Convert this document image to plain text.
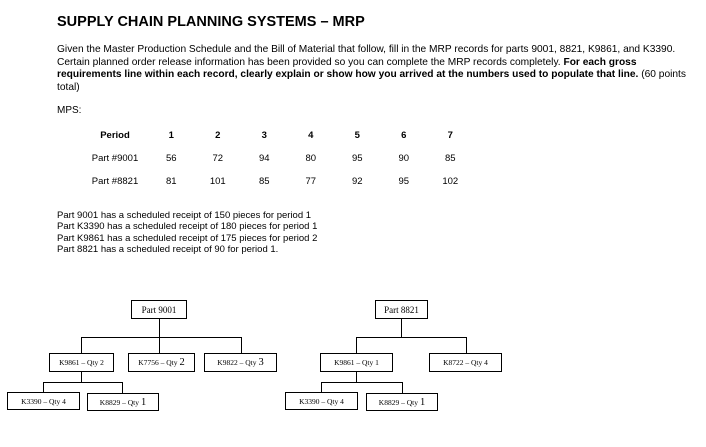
SUPPLY CHAIN PLANNING SYSTEMS – MRP
Given the Master Production Schedule and the Bill of Material that follow, fill in the MRP records for parts 9001, 8821, K9861, and K3390. Certain planned order release information has been provided so you can complete the MRP records completely. For each gross requirements line within each record, clearly explain or show how you arrived at the numbers used to populate that line. (60 points total)
MPS:
Period	1	2	3	4	5	6	7
Part #9001	56	72	94	80	95	90	85
Part #8821	81	101	85	77	92	95	102
Part 9001 has a scheduled receipt of 150 pieces for period 1
Part K3390 has a scheduled receipt of 180 pieces for period 1
Part K9861 has a scheduled receipt of 175 pieces for period 2
Part 8821 has a scheduled receipt of 90 for period 1.
Part 9001
K9861 – Qty 2	K7756 – Qty 2	K9822 – Qty 3
K3390 – Qty 4	K8829 – Qty 1
Part 8821
K9861 – Qty 1	K8722 – Qty 4
K3390 – Qty 4	K8829 – Qty 1
